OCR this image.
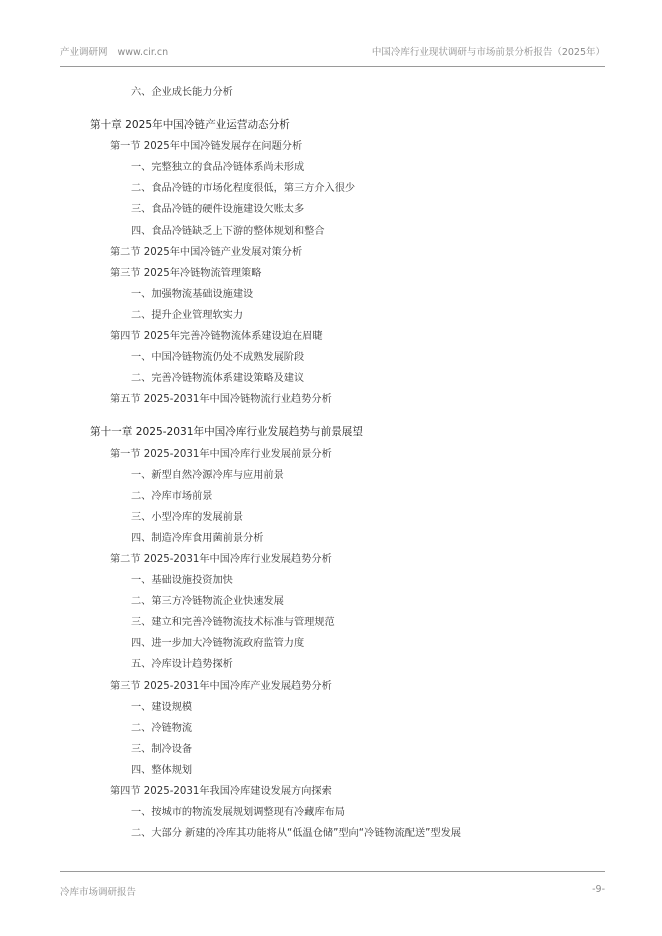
产业调研网 www.cir.cn	中国冷库行业现状调研与市场前景分析报告（2025年）
六、企业成长能力分析
第十章 2025年中国冷链产业运营动态分析
第一节 2025年中国冷链发展存在问题分析
一、完整独立的食品冷链体系尚未形成
二、食品冷链的市场化程度很低，第三方介入很少
三、食品冷链的硬件设施建设欠账太多
四、食品冷链缺乏上下游的整体规划和整合
第二节 2025年中国冷链产业发展对策分析
第三节 2025年冷链物流管理策略
一、加强物流基础设施建设
二、提升企业管理软实力
第四节 2025年完善冷链物流体系建设迫在眉睫
一、中国冷链物流仍处不成熟发展阶段
二、完善冷链物流体系建设策略及建议
第五节 2025-2031年中国冷链物流行业趋势分析
第十一章 2025-2031年中国冷库行业发展趋势与前景展望
第一节 2025-2031年中国冷库行业发展前景分析
一、新型自然冷源冷库与应用前景
二、冷库市场前景
三、小型冷库的发展前景
四、制造冷库食用菌前景分析
第二节 2025-2031年中国冷库行业发展趋势分析
一、基础设施投资加快
二、第三方冷链物流企业快速发展
三、建立和完善冷链物流技术标准与管理规范
四、进一步加大冷链物流政府监管力度
五、冷库设计趋势探析
第三节 2025-2031年中国冷库产业发展趋势分析
一、建设规模
二、冷链物流
三、制冷设备
四、整体规划
第四节 2025-2031年我国冷库建设发展方向探索
一、按城市的物流发展规划调整现有冷藏库布局
二、大部分 新建的冷库其功能将从“低温仓储”型向“冷链物流配送”型发展
冷库市场调研报告	-9-
